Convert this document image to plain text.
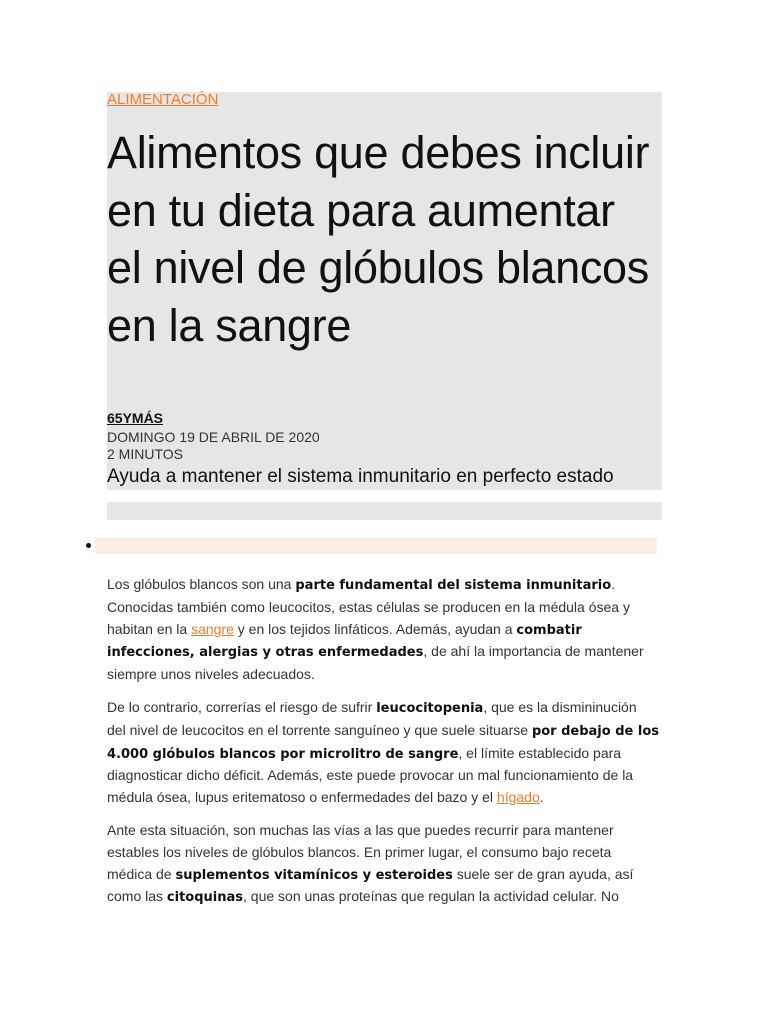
ALIMENTACIÓN
Alimentos que debes incluir en tu dieta para aumentar el nivel de glóbulos blancos en la sangre
65YMÁS
DOMINGO 19 DE ABRIL DE 2020
2 MINUTOS
Ayuda a mantener el sistema inmunitario en perfecto estado

Los glóbulos blancos son una parte fundamental del sistema inmunitario. Conocidas también como leucocitos, estas células se producen en la médula ósea y habitan en la sangre y en los tejidos linfáticos. Además, ayudan a combatir infecciones, alergias y otras enfermedades, de ahí la importancia de mantener siempre unos niveles adecuados.

De lo contrario, correrías el riesgo de sufrir leucocitopenia, que es la dismininución del nivel de leucocitos en el torrente sanguíneo y que suele situarse por debajo de los 4.000 glóbulos blancos por microlitro de sangre, el límite establecido para diagnosticar dicho déficit. Además, este puede provocar un mal funcionamiento de la médula ósea, lupus eritematoso o enfermedades del bazo y el hígado.

Ante esta situación, son muchas las vías a las que puedes recurrir para mantener estables los niveles de glóbulos blancos. En primer lugar, el consumo bajo receta médica de suplementos vitamínicos y esteroides suele ser de gran ayuda, así como las citoquinas, que son unas proteínas que regulan la actividad celular. No
